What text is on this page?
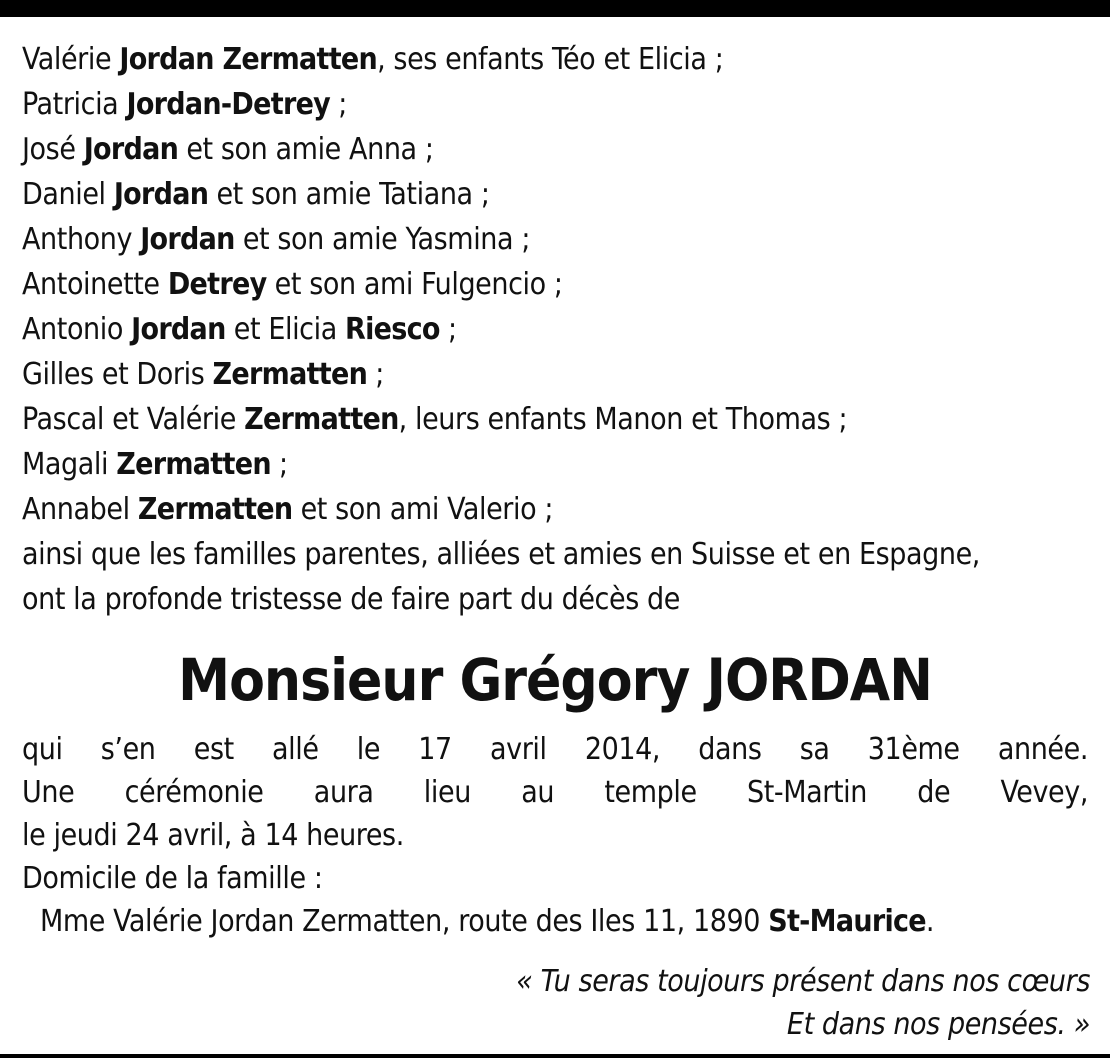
Valérie Jordan Zermatten, ses enfants Téo et Elicia ;
Patricia Jordan-Detrey ;
José Jordan et son amie Anna ;
Daniel Jordan et son amie Tatiana ;
Anthony Jordan et son amie Yasmina ;
Antoinette Detrey et son ami Fulgencio ;
Antonio Jordan et Elicia Riesco ;
Gilles et Doris Zermatten ;
Pascal et Valérie Zermatten, leurs enfants Manon et Thomas ;
Magali Zermatten ;
Annabel Zermatten et son ami Valerio ;
ainsi que les familles parentes, alliées et amies en Suisse et en Espagne,
ont la profonde tristesse de faire part du décès de
Monsieur Grégory JORDAN
qui s’en est allé le 17 avril 2014, dans sa 31ème année.
Une cérémonie aura lieu au temple St-Martin de Vevey,
le jeudi 24 avril, à 14 heures.
Domicile de la famille :
Mme Valérie Jordan Zermatten, route des Iles 11, 1890 St-Maurice.
« Tu seras toujours présent dans nos cœurs
Et dans nos pensées. »
